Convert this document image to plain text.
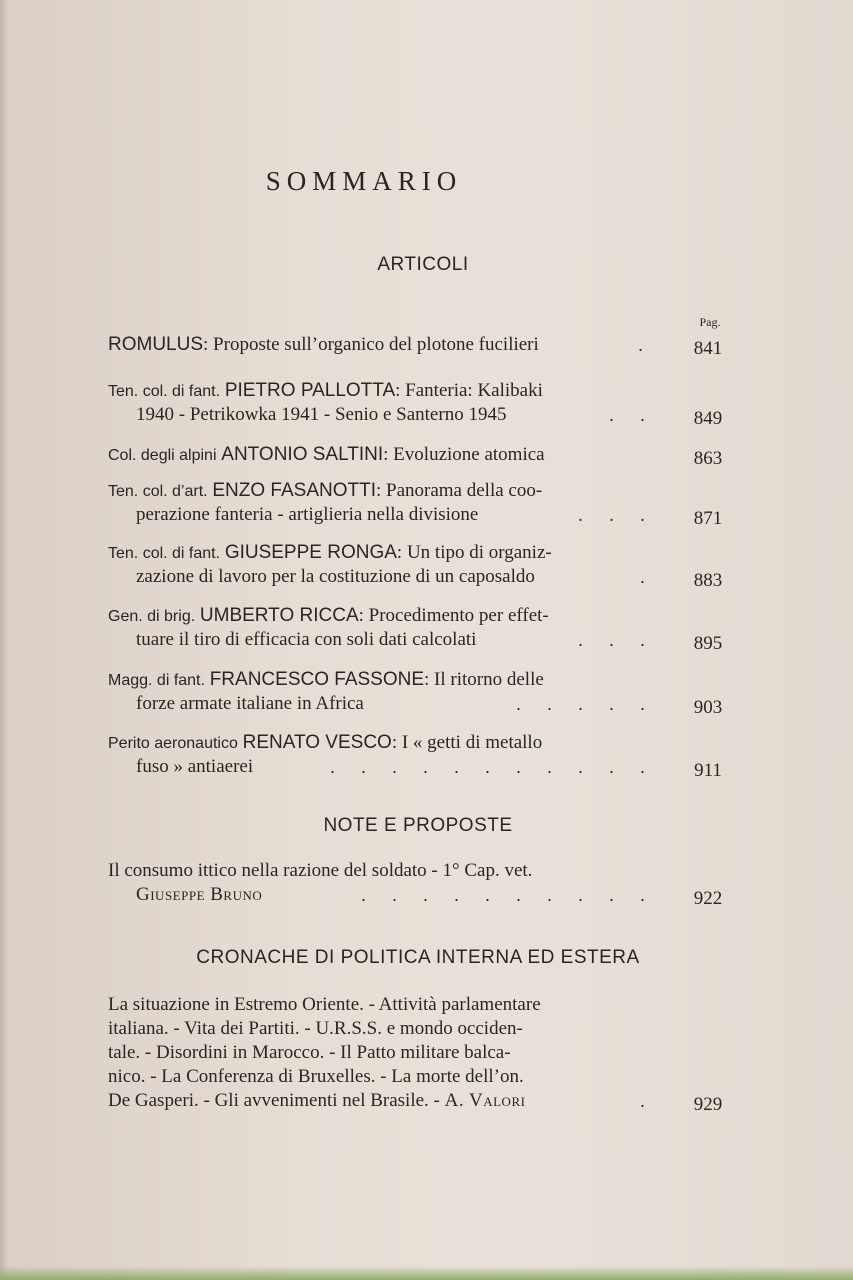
SOMMARIO
ARTICOLI
Pag.
ROMULUS: Proposte sull’organico del plotone fucilieri	.	841
Ten. col. di fant. PIETRO PALLOTTA: Fanteria: Kalibaki
1940 - Petrikowka 1941 - Senio e Santerno 1945	. .	849
Col. degli alpini ANTONIO SALTINI: Evoluzione atomica	863
Ten. col. d’art. ENZO FASANOTTI: Panorama della coo-
perazione fanteria - artiglieria nella divisione	. . .	871
Ten. col. di fant. GIUSEPPE RONGA: Un tipo di organiz-
zazione di lavoro per la costituzione di un caposaldo	.	883
Gen. di brig. UMBERTO RICCA: Procedimento per effet-
tuare il tiro di efficacia con soli dati calcolati	. . .	895
Magg. di fant. FRANCESCO FASSONE: Il ritorno delle
forze armate italiane in Africa	. . . . .	903
Perito aeronautico RENATO VESCO: I « getti di metallo
fuso » antiaerei	. . . . . . . . . . .	911
NOTE E PROPOSTE
Il consumo ittico nella razione del soldato - 1° Cap. vet.
Giuseppe Bruno	. . . . . . . . . .	922
CRONACHE DI POLITICA INTERNA ED ESTERA
La situazione in Estremo Oriente. - Attività parlamentare
italiana. - Vita dei Partiti. - U.R.S.S. e mondo occiden-
tale. - Disordini in Marocco. - Il Patto militare balca-
nico. - La Conferenza di Bruxelles. - La morte dell’on.
De Gasperi. - Gli avvenimenti nel Brasile. - A. Valori	.	929
